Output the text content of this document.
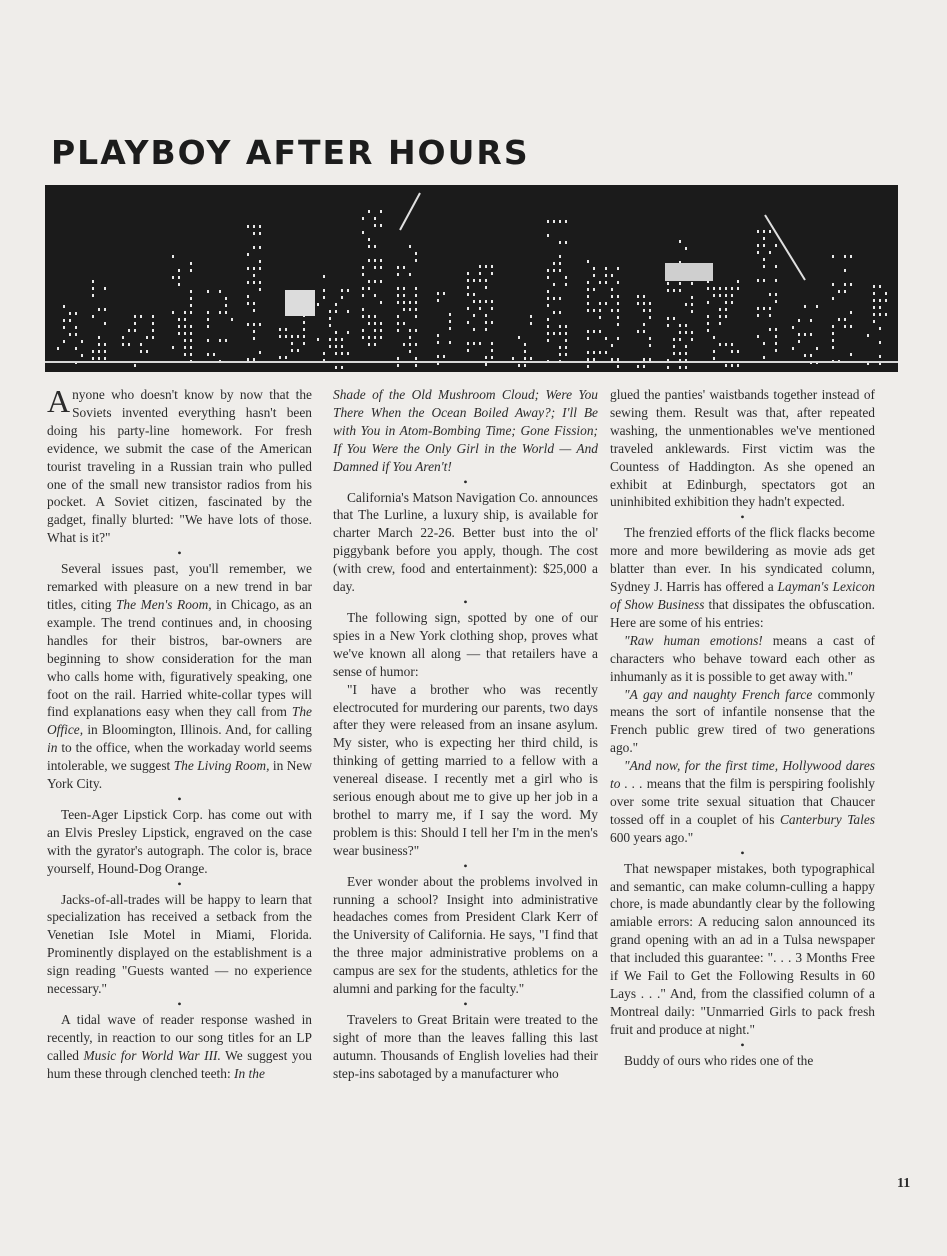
PLAYBOY AFTER HOURS

Anyone who doesn't know by now that the Soviets invented everything hasn't been doing his party-line homework. For fresh evidence, we submit the case of the American tourist traveling in a Russian train who pulled one of the small new transistor radios from his pocket. A Soviet citizen, fascinated by the gadget, finally blurted: "We have lots of those. What is it?"

•

Several issues past, you'll remember, we remarked with pleasure on a new trend in bar titles, citing The Men's Room, in Chicago, as an example. The trend continues and, in choosing handles for their bistros, bar-owners are beginning to show consideration for the man who calls home with, figuratively speaking, one foot on the rail. Harried white-collar types will find explanations easy when they call from The Office, in Bloomington, Illinois. And, for calling in to the office, when the workaday world seems intolerable, we suggest The Living Room, in New York City.

•

Teen-Ager Lipstick Corp. has come out with an Elvis Presley Lipstick, engraved on the case with the gyrator's autograph. The color is, brace yourself, Hound-Dog Orange.

•

Jacks-of-all-trades will be happy to learn that specialization has received a setback from the Venetian Isle Motel in Miami, Florida. Prominently displayed on the establishment is a sign reading "Guests wanted — no experience necessary."

•

A tidal wave of reader response washed in recently, in reaction to our song titles for an LP called Music for World War III. We suggest you hum these through clenched teeth: In the

Shade of the Old Mushroom Cloud; Were You There When the Ocean Boiled Away?; I'll Be with You in Atom-Bombing Time; Gone Fission; If You Were the Only Girl in the World — And Damned if You Aren't!

•

California's Matson Navigation Co. announces that The Lurline, a luxury ship, is available for charter March 22-26. Better bust into the ol' piggybank before you apply, though. The cost (with crew, food and entertainment): $25,000 a day.

•

The following sign, spotted by one of our spies in a New York clothing shop, proves what we've known all along — that retailers have a sense of humor:

"I have a brother who was recently electrocuted for murdering our parents, two days after they were released from an insane asylum. My sister, who is expecting her third child, is thinking of getting married to a fellow with a venereal disease. I recently met a girl who is serious enough about me to give up her job in a brothel to marry me, if I say the word. My problem is this: Should I tell her I'm in the men's wear business?"

•

Ever wonder about the problems involved in running a school? Insight into administrative headaches comes from President Clark Kerr of the University of California. He says, "I find that the three major administrative problems on a campus are sex for the students, athletics for the alumni and parking for the faculty."

•

Travelers to Great Britain were treated to the sight of more than the leaves falling this last autumn. Thousands of English lovelies had their step-ins sabotaged by a manufacturer who

glued the panties' waistbands together instead of sewing them. Result was that, after repeated washing, the unmentionables we've mentioned traveled anklewards. First victim was the Countess of Haddington. As she opened an exhibit at Edinburgh, spectators got an uninhibited exhibition they hadn't expected.

•

The frenzied efforts of the flick flacks become more and more bewildering as movie ads get blatter than ever. In his syndicated column, Sydney J. Harris has offered a Layman's Lexicon of Show Business that dissipates the obfuscation. Here are some of his entries:

"Raw human emotions! means a cast of characters who behave toward each other as inhumanly as it is possible to get away with."

"A gay and naughty French farce commonly means the sort of infantile nonsense that the French public grew tired of two generations ago."

"And now, for the first time, Hollywood dares to . . . means that the film is perspiring foolishly over some trite sexual situation that Chaucer tossed off in a couplet of his Canterbury Tales 600 years ago."

•

That newspaper mistakes, both typographical and semantic, can make column-culling a happy chore, is made abundantly clear by the following amiable errors: A reducing salon announced its grand opening with an ad in a Tulsa newspaper that included this guarantee: ". . . 3 Months Free if We Fail to Get the Following Results in 60 Lays . . ." And, from the classified column of a Montreal daily: "Unmarried Girls to pack fresh fruit and produce at night."

•

Buddy of ours who rides one of the

11
